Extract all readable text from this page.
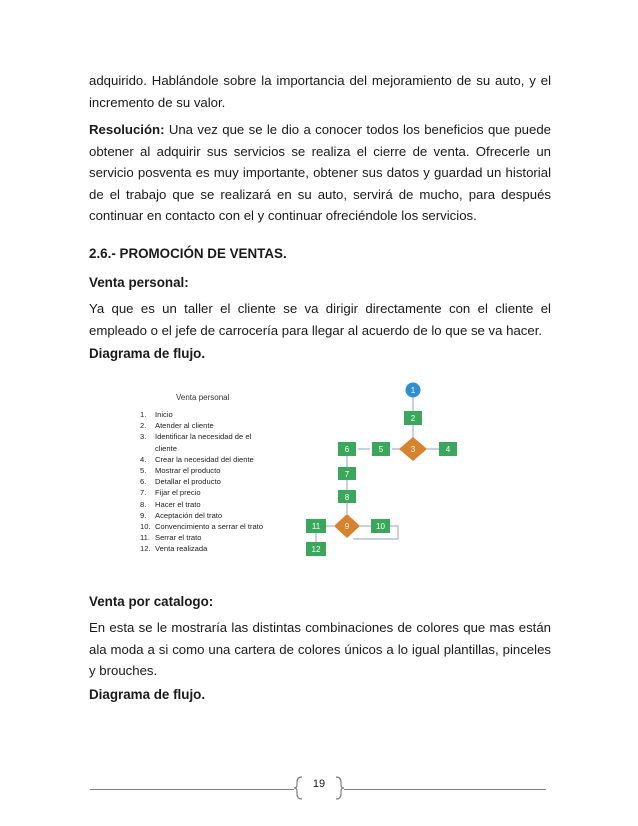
adquirido. Hablándole sobre la importancia del mejoramiento de su auto, y el incremento de su valor.

Resolución: Una vez que se le dio a conocer todos los beneficios que puede obtener al adquirir sus servicios se realiza el cierre de venta. Ofrecerle un servicio posventa es muy importante, obtener sus datos y guardad un historial de el trabajo que se realizará en su auto, servirá de mucho, para después continuar en contacto con el y continuar ofreciéndole los servicios.

2.6.- PROMOCIÓN DE VENTAS.
Venta personal:

Ya que es un taller el cliente se va dirigir directamente con el cliente el empleado o el jefe de carrocería para llegar al acuerdo de lo que se va hacer.

Diagrama de flujo.
Venta personal
1.	Inicio
2.	Atender al cliente
3.	Identificar la necesidad de el
cliente
4.	Crear la necesidad del diente
5.	Mostrar el producto
6.	Detallar el producto
7.	Fijar el precio
8.	Hacer el trato
9.	Aceptación del trato
10. Convencimiento a serrar el trato
11. Serrar el trato
12. Venta realizada
1
2
3	4
5
6
7
8
9	10
11
12
Venta por catalogo:

En esta se le mostraría las distintas combinaciones de colores que mas están ala moda a si como una cartera de colores únicos a lo igual plantillas, pinceles y brouches.

Diagrama de flujo.
19
